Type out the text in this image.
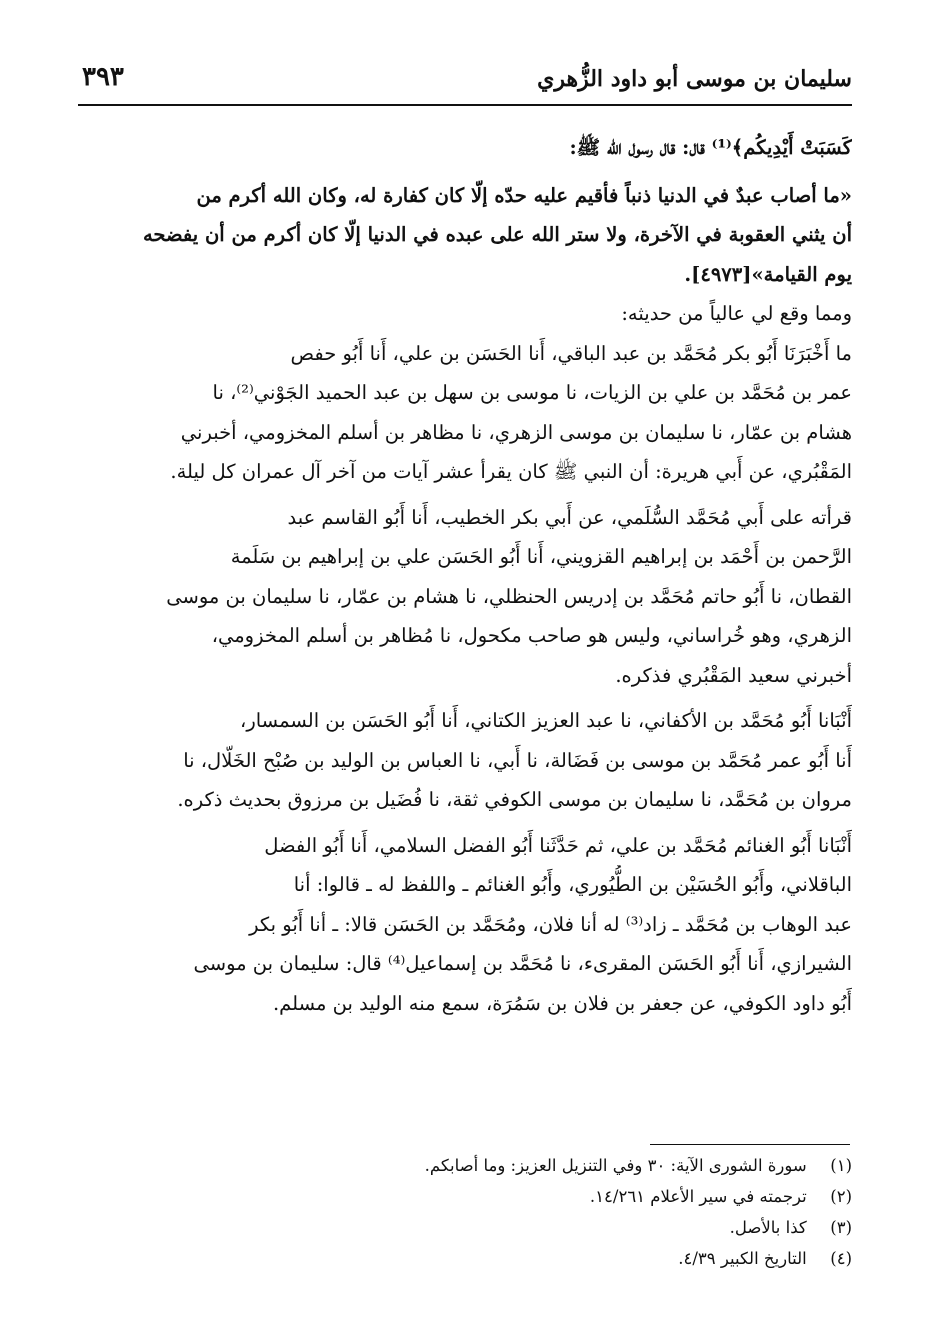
سليمان بن موسى أبو داود الزُّهري
٣٩٣
كَسَبَتْ أَيْدِيكُم﴾⁽¹⁾ قال: قال رسول الله ﷺ:
«ما أصاب عبدٌ في الدنيا ذنباً فأقيم عليه حدّه إلّا كان كفارة له، وكان الله أكرم من
أن يثني العقوبة في الآخرة، ولا ستر الله على عبده في الدنيا إلّا كان أكرم من أن يفضحه
يوم القيامة»[٤٩٧٣].
ومما وقع لي عالياً من حديثه:
ما أَخْبَرَنَا أَبُو بكر مُحَمَّد بن عبد الباقي، أَنا الحَسَن بن علي، أَنا أَبُو حفص
عمر بن مُحَمَّد بن علي بن الزيات، نا موسى بن سهل بن عبد الحميد الجَوْني⁽²⁾، نا
هشام بن عمّار، نا سليمان بن موسى الزهري، نا مظاهر بن أسلم المخزومي، أخبرني
المَقْبُري، عن أَبي هريرة: أن النبي ﷺ كان يقرأ عشر آيات من آخر آل عمران كل ليلة.
قرأته على أَبي مُحَمَّد السُّلَمي، عن أَبي بكر الخطيب، أَنا أَبُو القاسم عبد
الرَّحمن بن أَحْمَد بن إبراهيم القزويني، أَنا أَبُو الحَسَن علي بن إبراهيم بن سَلَمة
القطان، نا أَبُو حاتم مُحَمَّد بن إدريس الحنظلي، نا هشام بن عمّار، نا سليمان بن موسى
الزهري، وهو خُراساني، وليس هو صاحب مكحول، نا مُظاهر بن أسلم المخزومي،
أخبرني سعيد المَقْبُري فذكره.
أَنْبَانا أَبُو مُحَمَّد بن الأكفاني، نا عبد العزيز الكتاني، أَنا أَبُو الحَسَن بن السمسار،
أَنا أَبُو عمر مُحَمَّد بن موسى بن فَضَالة، نا أَبي، نا العباس بن الوليد بن صُبْح الخَلّال، نا
مروان بن مُحَمَّد، نا سليمان بن موسى الكوفي ثقة، نا فُضَيل بن مرزوق بحديث ذكره.
أَنْبَانا أَبُو الغنائم مُحَمَّد بن علي، ثم حَدَّثَنا أَبُو الفضل السلامي، أَنا أَبُو الفضل
الباقلاني، وأَبُو الحُسَيْن بن الطُّيُوري، وأَبُو الغنائم ـ واللفظ له ـ قالوا: أنا
عبد الوهاب بن مُحَمَّد ـ زاد⁽³⁾ له أنا فلان، ومُحَمَّد بن الحَسَن قالا: ـ أنا أَبُو بكر
الشيرازي، أَنا أَبُو الحَسَن المقرىء، نا مُحَمَّد بن إسماعيل⁽⁴⁾ قال: سليمان بن موسى
أَبُو داود الكوفي، عن جعفر بن فلان بن سَمُرَة، سمع منه الوليد بن مسلم.
(١) سورة الشورى الآية: ٣٠ وفي التنزيل العزيز: وما أصابكم.
(٢) ترجمته في سير الأعلام ١٤/٢٦١.
(٣) كذا بالأصل.
(٤) التاريخ الكبير ٤/٣٩.
